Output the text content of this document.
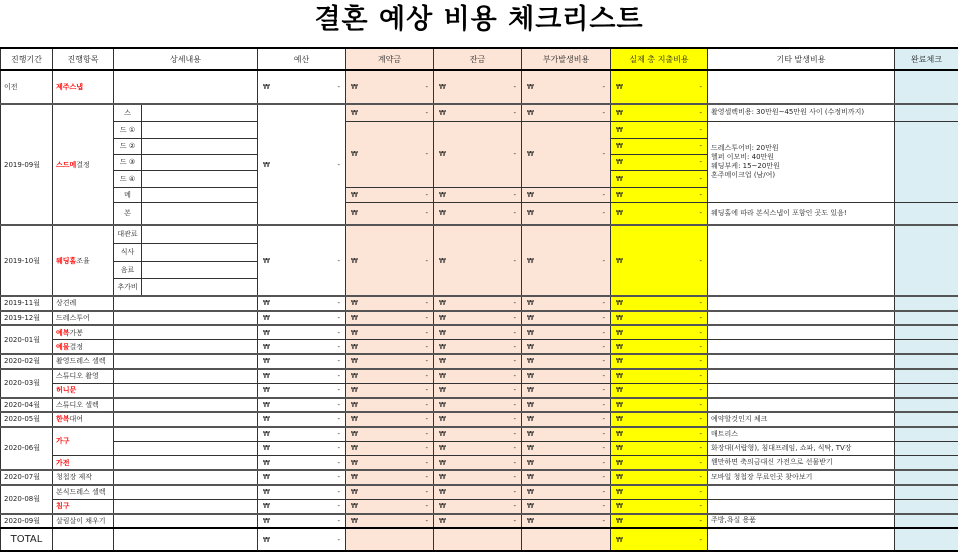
결혼 예상 비용 체크리스트
진행기간	진행항목	상세내용		예산	계약금	잔금	부가발생비용	실제 총 지출비용	기타 발생비용	완료체크
이전	제주스냅			₩ -	₩ -	₩ -	₩ -	₩ -		

2019-09월	스드메결정	스		₩ -	₩ -	₩ -	₩ -	₩ -	촬영셀렉비용: 30만원~45만원 사이 (수정비까지)	
		드 ①			₩ -	₩ -	₩ -	₩ -	드레스투어비: 20만원
헬퍼 이모비: 40만원
웨딩부케: 15~20만원
혼주메이크업 (남/여)	
		드 ②						₩ -		

		드 ③						₩ -		

		드 ④						₩ -		

		메			₩ -	₩ -	₩ -	₩ -		

		본			₩ -	₩ -	₩ -	₩ -	웨딩홀에 따라 본식스냅이 포함인 곳도 있음!	
2019-10월	웨딩홀조율	대관료		₩ -	₩ -	₩ -	₩ -	₩ -		

		식사								
		음료								
		추가비								
2019-11월	상견례			₩ -	₩ -	₩ -	₩ -	₩ -		

2019-12월	드레스투어			₩ -	₩ -	₩ -	₩ -	₩ -		

2020-01월	예복가봉			₩ -	₩ -	₩ -	₩ -	₩ -		

	예물결정			₩ -	₩ -	₩ -	₩ -	₩ -		

2020-02월	촬영드레스 셀렉			₩ -	₩ -	₩ -	₩ -	₩ -		

2020-03월	스튜디오 촬영			₩ -	₩ -	₩ -	₩ -	₩ -		

	허니문			₩ -	₩ -	₩ -	₩ -	₩ -		

2020-04월	스튜디오 셀렉			₩ -	₩ -	₩ -	₩ -	₩ -		

2020-05월	한복대여			₩ -	₩ -	₩ -	₩ -	₩ -	예약할것인지 체크	
2020-06월	가구			₩ -	₩ -	₩ -	₩ -	₩ -	매트리스	

				₩ -	₩ -	₩ -	₩ -	₩ -	화장대(서랍형), 침대프레임, 쇼파, 식탁, TV장	
	가전			₩ -	₩ -	₩ -	₩ -	₩ -	웬만하면 축의금대신 가전으로 선물받기	
2020-07월	청첩장 제작			₩ -	₩ -	₩ -	₩ -	₩ -	모바일 청첩장 무료인곳 찾아보기	
2020-08월	본식드레스 셀렉			₩ -	₩ -	₩ -	₩ -	₩ -		

	침구			₩ -	₩ -	₩ -	₩ -	₩ -		

2020-09월	살림살이 채우기			₩ -	₩ -	₩ -	₩ -	₩ -	주방,욕실 용품	
TOTAL				₩ -				₩ -		
